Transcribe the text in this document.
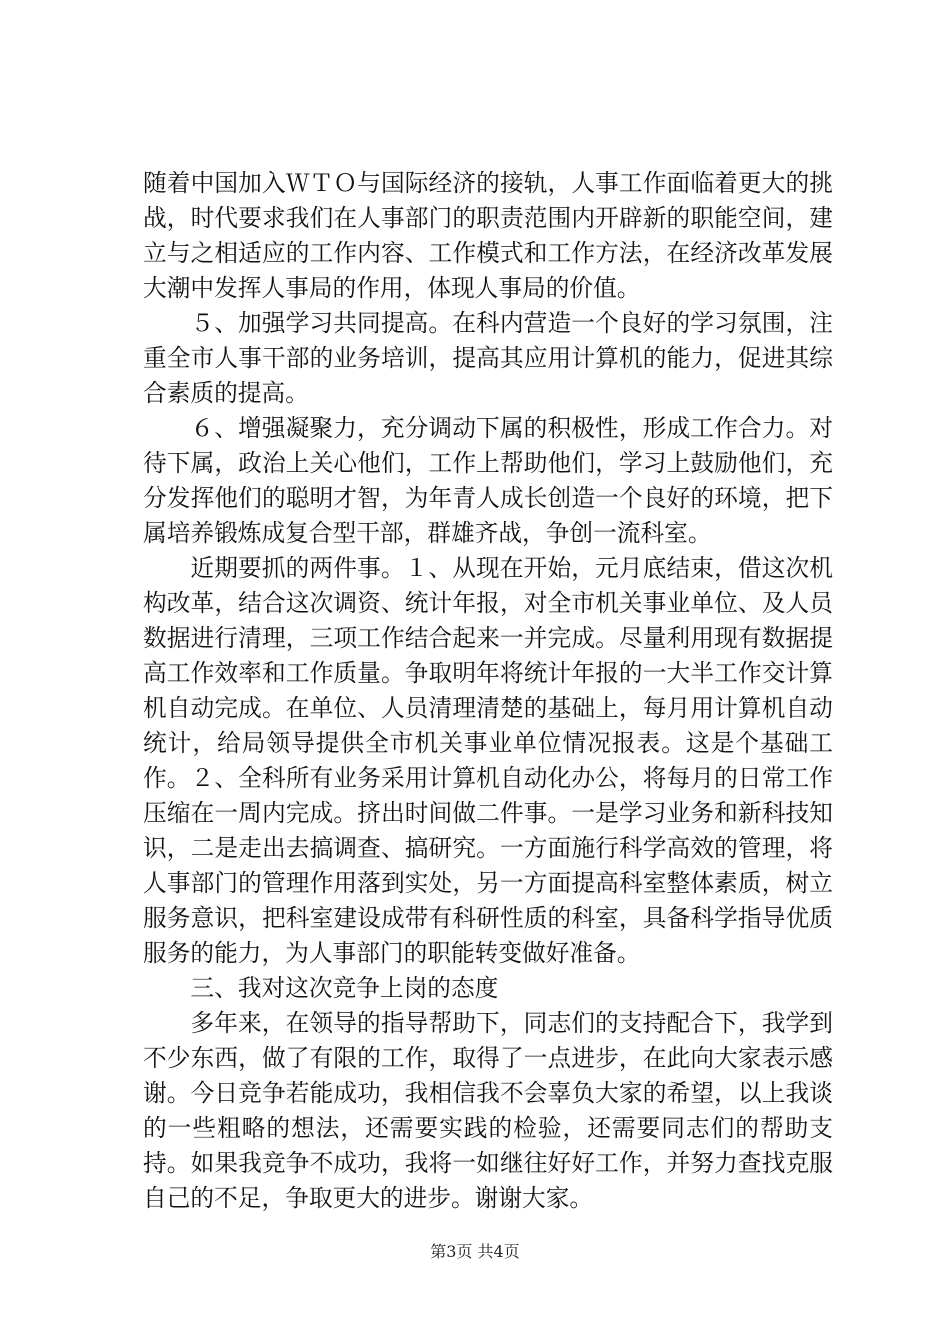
随着中国加入ＷＴＯ与国际经济的接轨，人事工作面临着更大的挑战，时代要求我们在人事部门的职责范围内开辟新的职能空间，建立与之相适应的工作内容、工作模式和工作方法，在经济改革发展大潮中发挥人事局的作用，体现人事局的价值。

５、加强学习共同提高。在科内营造一个良好的学习氛围，注重全市人事干部的业务培训，提高其应用计算机的能力，促进其综合素质的提高。

６、增强凝聚力，充分调动下属的积极性，形成工作合力。对待下属，政治上关心他们，工作上帮助他们，学习上鼓励他们，充分发挥他们的聪明才智，为年青人成长创造一个良好的环境，把下属培养锻炼成复合型干部，群雄齐战，争创一流科室。

近期要抓的两件事。１、从现在开始，元月底结束，借这次机构改革，结合这次调资、统计年报，对全市机关事业单位、及人员数据进行清理，三项工作结合起来一并完成。尽量利用现有数据提高工作效率和工作质量。争取明年将统计年报的一大半工作交计算机自动完成。在单位、人员清理清楚的基础上，每月用计算机自动统计，给局领导提供全市机关事业单位情况报表。这是个基础工作。２、全科所有业务采用计算机自动化办公，将每月的日常工作压缩在一周内完成。挤出时间做二件事。一是学习业务和新科技知识，二是走出去搞调查、搞研究。一方面施行科学高效的管理，将人事部门的管理作用落到实处，另一方面提高科室整体素质，树立服务意识，把科室建设成带有科研性质的科室，具备科学指导优质服务的能力，为人事部门的职能转变做好准备。

三、我对这次竞争上岗的态度

多年来，在领导的指导帮助下，同志们的支持配合下，我学到不少东西，做了有限的工作，取得了一点进步，在此向大家表示感谢。今日竞争若能成功，我相信我不会辜负大家的希望，以上我谈的一些粗略的想法，还需要实践的检验，还需要同志们的帮助支持。如果我竞争不成功，我将一如继往好好工作，并努力查找克服自己的不足，争取更大的进步。谢谢大家。

第3页 共4页
